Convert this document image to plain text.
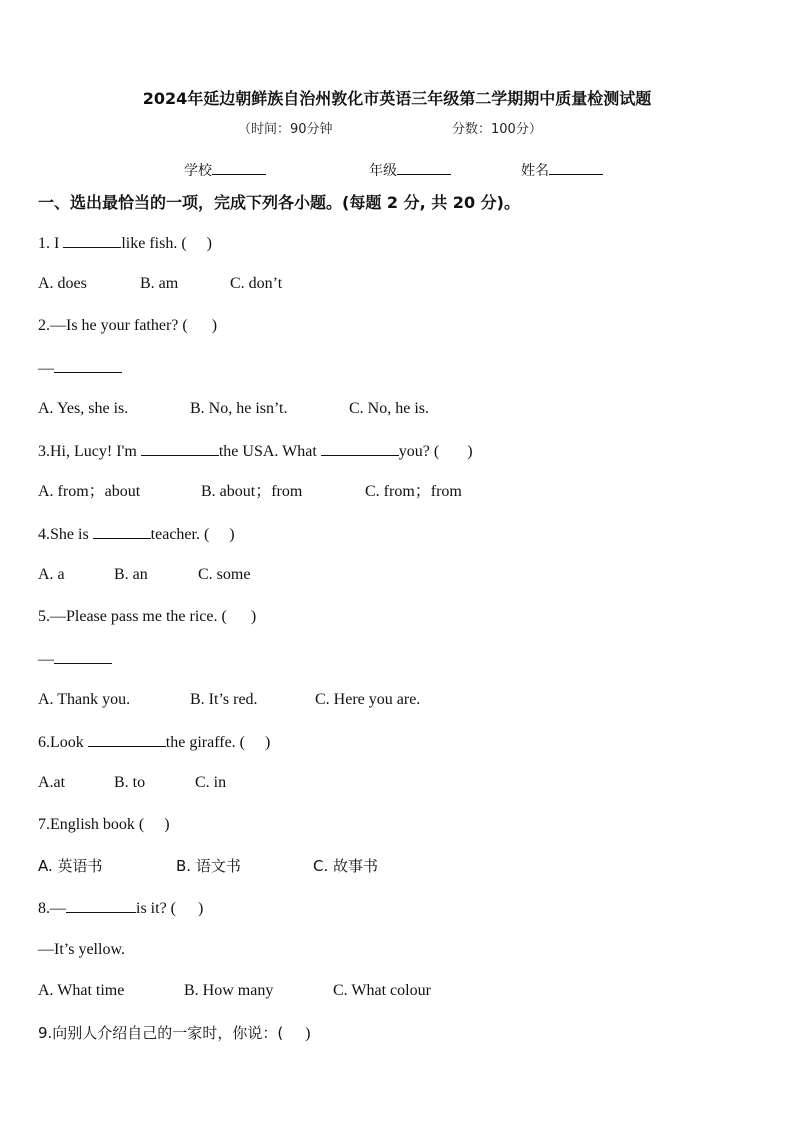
2024年延边朝鲜族自治州敦化市英语三年级第二学期期中质量检测试题
（时间：90分钟	分数：100分）
学校	年级	姓名
一、选出最恰当的一项，完成下列各小题。(每题 2 分, 共 20 分)。
1. I	like fish. ( )
A. does	B. am	C. don’t
2.—Is he your father? ( )
—
A. Yes, she is.	B. No, he isn’t.	C. No, he is.
3.Hi, Lucy! I'm	the USA. What	you? ( )
A. from；about	B. about；from	C. from；from
4.She is	teacher. ( )
A. a	B. an	C. some
5.—Please pass me the rice. ( )
—
A. Thank you.	B. It’s red.	C. Here you are.
6.Look	the giraffe. ( )
A.at	B. to	C. in
7.English book ( )
A. 英语书	B. 语文书	C. 故事书
8.—	is it? ( )
—It’s yellow.
A. What time	B. How many	C. What colour
9.向别人介绍自己的一家时，你说：( )
